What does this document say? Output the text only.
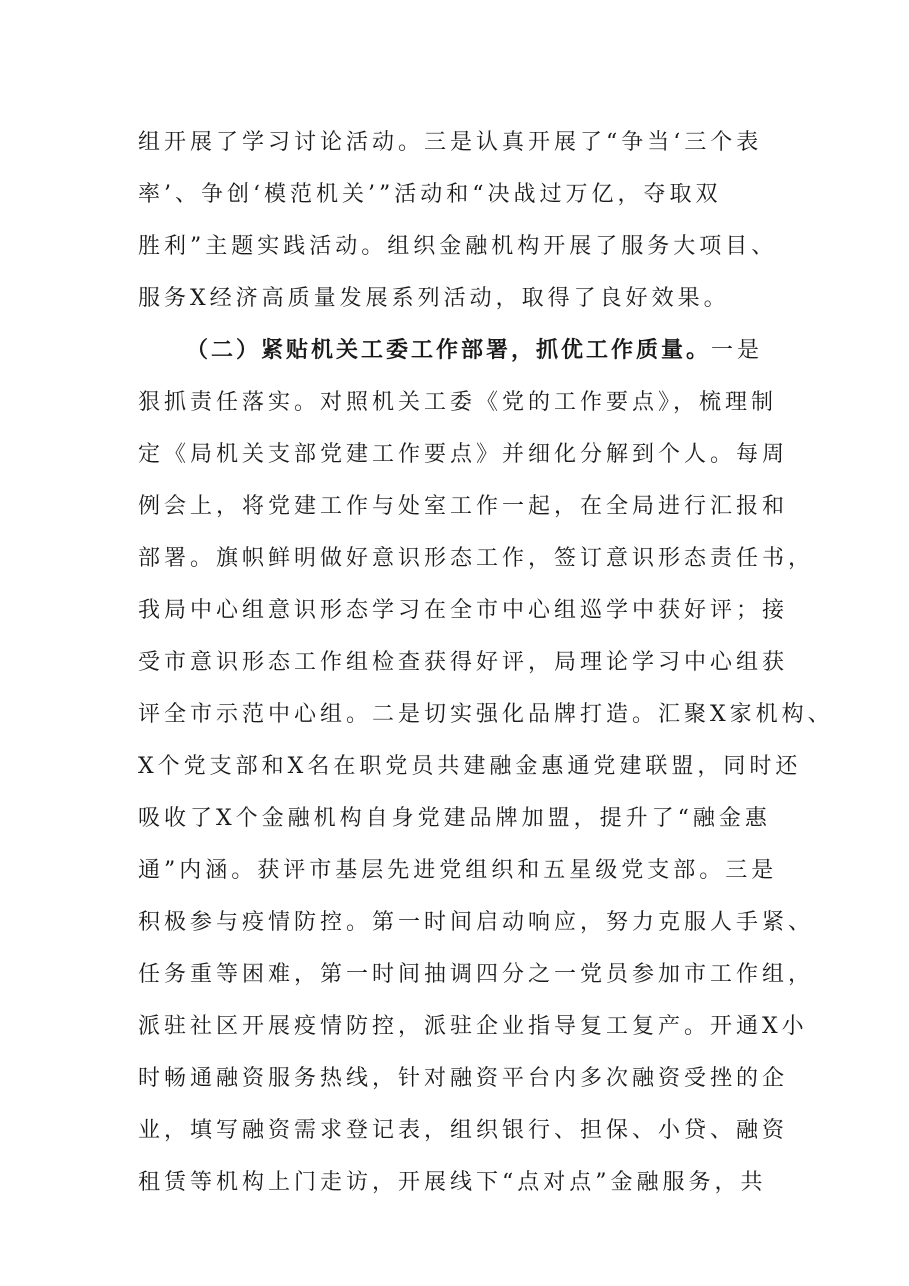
组开展了学习讨论活动。三是认真开展了“争当‘三个表

率’、争创‘模范机关’”活动和“决战过万亿，夺取双

胜利”主题实践活动。组织金融机构开展了服务大项目、

服务X经济高质量发展系列活动，取得了良好效果。

（二）紧贴机关工委工作部署，抓优工作质量。一是

狠抓责任落实。对照机关工委《党的工作要点》，梳理制

定《局机关支部党建工作要点》并细化分解到个人。每周

例会上，将党建工作与处室工作一起，在全局进行汇报和

部署。旗帜鲜明做好意识形态工作，签订意识形态责任书，

我局中心组意识形态学习在全市中心组巡学中获好评；接

受市意识形态工作组检查获得好评，局理论学习中心组获

评全市示范中心组。二是切实强化品牌打造。汇聚X家机构、

X个党支部和X名在职党员共建融金惠通党建联盟，同时还

吸收了X个金融机构自身党建品牌加盟，提升了“融金惠

通”内涵。获评市基层先进党组织和五星级党支部。三是

积极参与疫情防控。第一时间启动响应，努力克服人手紧、

任务重等困难，第一时间抽调四分之一党员参加市工作组，

派驻社区开展疫情防控，派驻企业指导复工复产。开通X小

时畅通融资服务热线，针对融资平台内多次融资受挫的企

业，填写融资需求登记表，组织银行、担保、小贷、融资

租赁等机构上门走访，开展线下“点对点”金融服务，共
